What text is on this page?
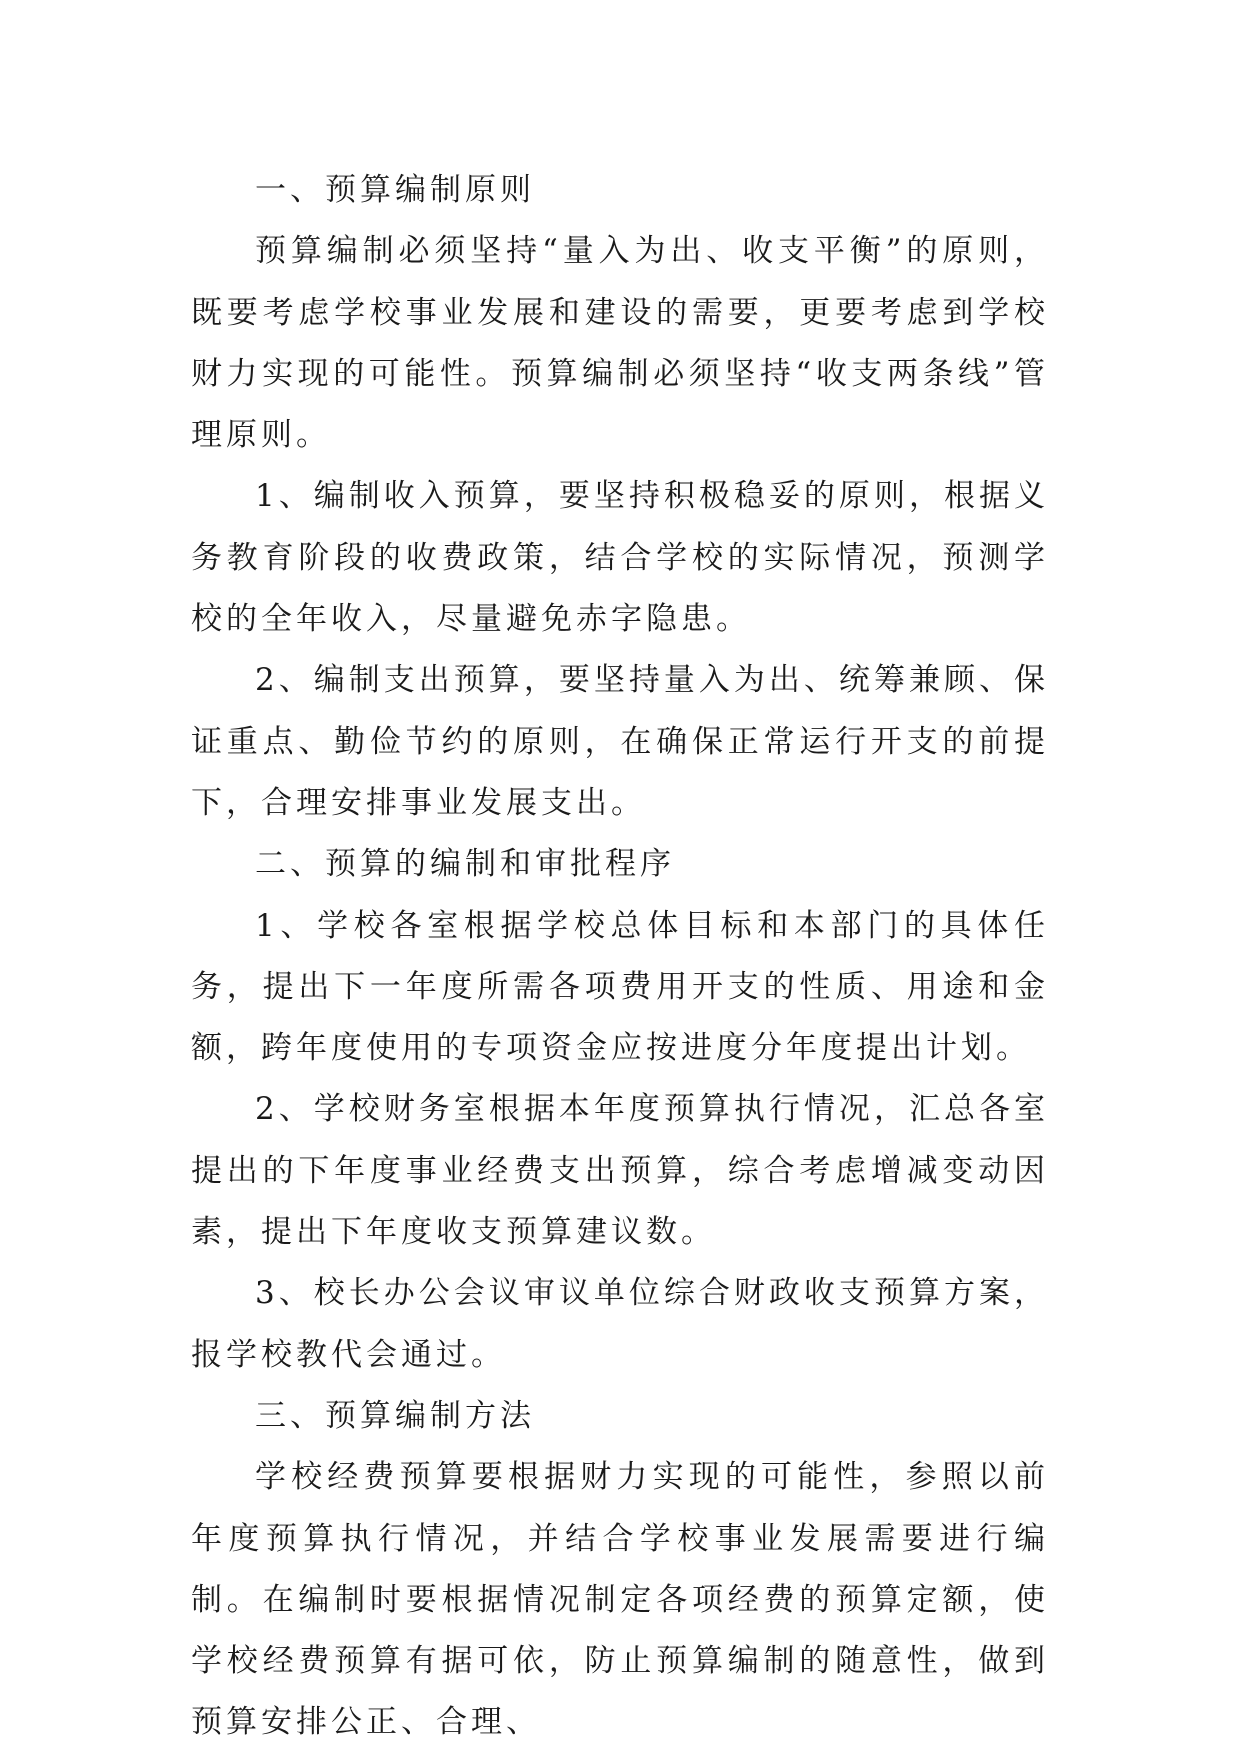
一、预算编制原则

预算编制必须坚持“量入为出、收支平衡”的原则，既要考虑学校事业发展和建设的需要，更要考虑到学校财力实现的可能性。预算编制必须坚持“收支两条线”管理原则。

1、编制收入预算，要坚持积极稳妥的原则，根据义务教育阶段的收费政策，结合学校的实际情况，预测学校的全年收入，尽量避免赤字隐患。

2、编制支出预算，要坚持量入为出、统筹兼顾、保证重点、勤俭节约的原则，在确保正常运行开支的前提下，合理安排事业发展支出。

二、预算的编制和审批程序

1、学校各室根据学校总体目标和本部门的具体任务，提出下一年度所需各项费用开支的性质、用途和金额，跨年度使用的专项资金应按进度分年度提出计划。

2、学校财务室根据本年度预算执行情况，汇总各室提出的下年度事业经费支出预算，综合考虑增减变动因素，提出下年度收支预算建议数。

3、校长办公会议审议单位综合财政收支预算方案，报学校教代会通过。

三、预算编制方法

学校经费预算要根据财力实现的可能性，参照以前年度预算执行情况，并结合学校事业发展需要进行编制。在编制时要根据情况制定各项经费的预算定额，使学校经费预算有据可依，防止预算编制的随意性，做到预算安排公正、合理、
